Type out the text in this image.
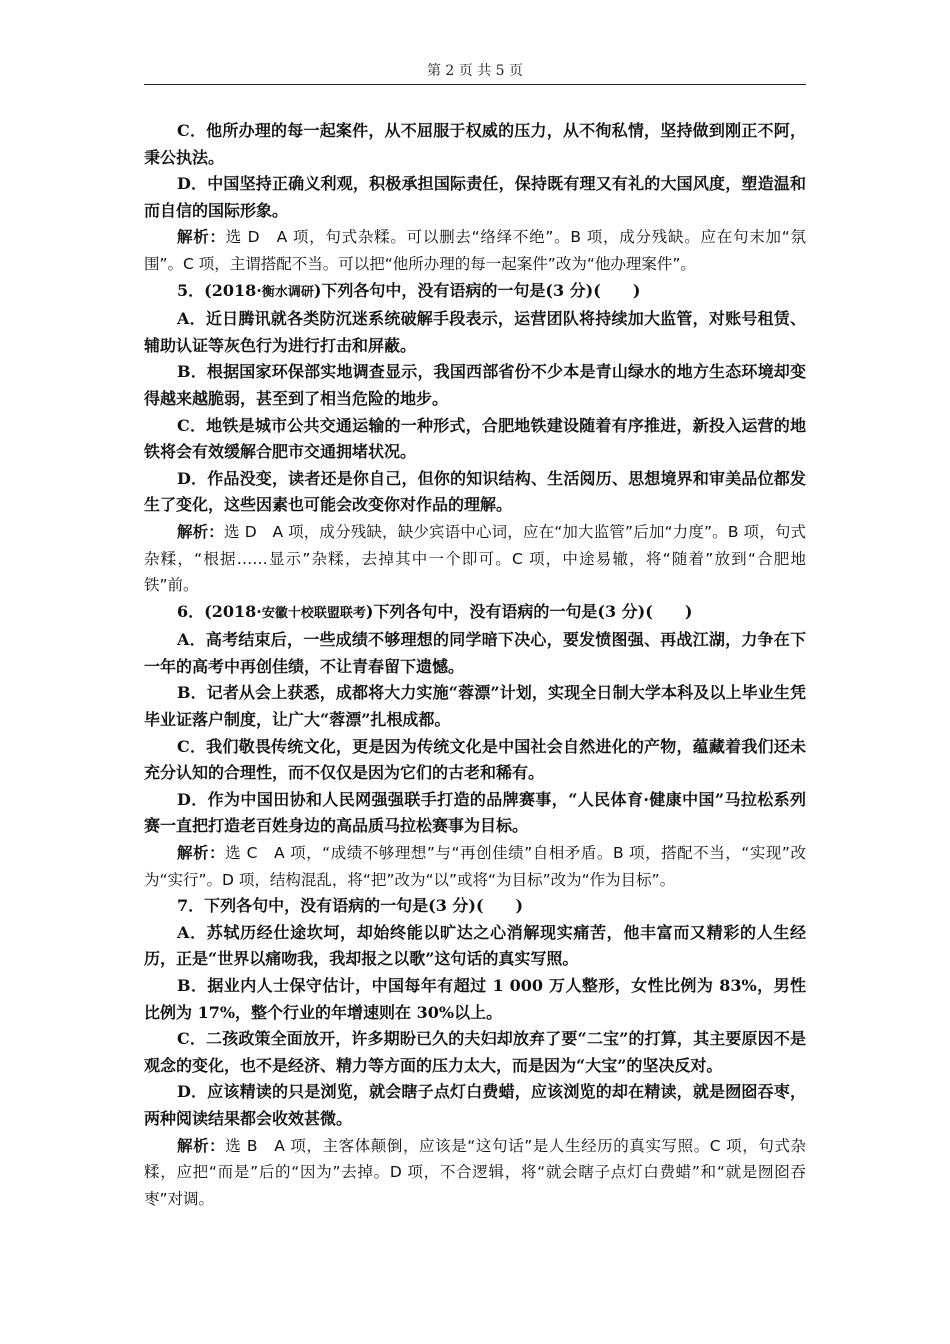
第 2 页 共 5 页

C．他所办理的每一起案件，从不屈服于权威的压力，从不徇私情，坚持做到刚正不阿，秉公执法。

D．中国坚持正确义利观，积极承担国际责任，保持既有理又有礼的大国风度，塑造温和而自信的国际形象。

解析：选 D　A 项，句式杂糅。可以删去“络绎不绝”。B 项，成分残缺。应在句末加“氛围”。C 项，主谓搭配不当。可以把“他所办理的每一起案件”改为“他办理案件”。

5．(2018·衡水调研)下列各句中，没有语病的一句是(3 分)(　　)

A．近日腾讯就各类防沉迷系统破解手段表示，运营团队将持续加大监管，对账号租赁、辅助认证等灰色行为进行打击和屏蔽。

B．根据国家环保部实地调查显示，我国西部省份不少本是青山绿水的地方生态环境却变得越来越脆弱，甚至到了相当危险的地步。

C．地铁是城市公共交通运输的一种形式，合肥地铁建设随着有序推进，新投入运营的地铁将会有效缓解合肥市交通拥堵状况。

D．作品没变，读者还是你自己，但你的知识结构、生活阅历、思想境界和审美品位都发生了变化，这些因素也可能会改变你对作品的理解。

解析：选 D　A 项，成分残缺，缺少宾语中心词，应在“加大监管”后加“力度”。B 项，句式杂糅，“根据……显示”杂糅，去掉其中一个即可。C 项，中途易辙，将“随着”放到“合肥地铁”前。

6．(2018·安徽十校联盟联考)下列各句中，没有语病的一句是(3 分)(　　)

A．高考结束后，一些成绩不够理想的同学暗下决心，要发愤图强、再战江湖，力争在下一年的高考中再创佳绩，不让青春留下遗憾。

B．记者从会上获悉，成都将大力实施“蓉漂”计划，实现全日制大学本科及以上毕业生凭毕业证落户制度，让广大“蓉漂”扎根成都。

C．我们敬畏传统文化，更是因为传统文化是中国社会自然进化的产物，蕴藏着我们还未充分认知的合理性，而不仅仅是因为它们的古老和稀有。

D．作为中国田协和人民网强强联手打造的品牌赛事，“人民体育·健康中国”马拉松系列赛一直把打造老百姓身边的高品质马拉松赛事为目标。

解析：选 C　A 项，“成绩不够理想”与“再创佳绩”自相矛盾。B 项，搭配不当，“实现”改为“实行”。D 项，结构混乱，将“把”改为“以”或将“为目标”改为“作为目标”。

7．下列各句中，没有语病的一句是(3 分)(　　)

A．苏轼历经仕途坎坷，却始终能以旷达之心消解现实痛苦，他丰富而又精彩的人生经历，正是“世界以痛吻我，我却报之以歌”这句话的真实写照。

B．据业内人士保守估计，中国每年有超过 1 000 万人整形，女性比例为 83%，男性比例为 17%，整个行业的年增速则在 30%以上。

C．二孩政策全面放开，许多期盼已久的夫妇却放弃了要“二宝”的打算，其主要原因不是观念的变化，也不是经济、精力等方面的压力太大，而是因为“大宝”的坚决反对。

D．应该精读的只是浏览，就会瞎子点灯白费蜡，应该浏览的却在精读，就是囫囵吞枣，两种阅读结果都会收效甚微。

解析：选 B　A 项，主客体颠倒，应该是“这句话”是人生经历的真实写照。C 项，句式杂糅，应把“而是”后的“因为”去掉。D 项，不合逻辑，将“就会瞎子点灯白费蜡”和“就是囫囵吞枣”对调。
